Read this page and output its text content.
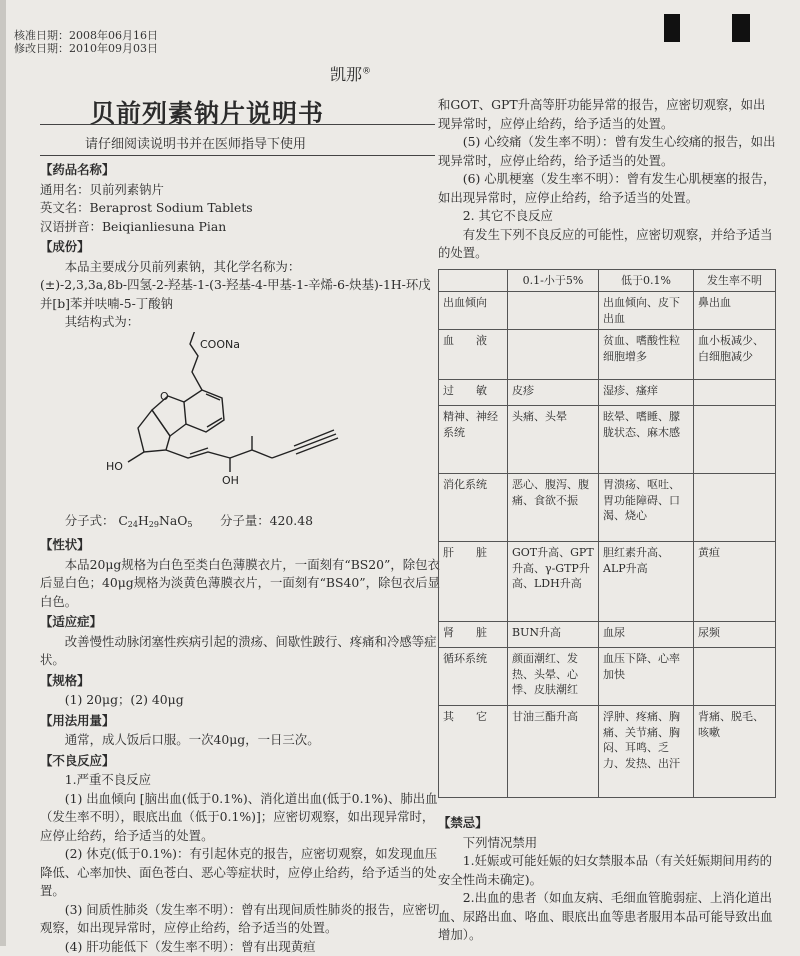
核准日期：2008年06月16日
修改日期：2010年09月03日
凯那®
贝前列素钠片说明书
请仔细阅读说明书并在医师指导下使用

【药品名称】

通用名：贝前列素钠片

英文名：Beraprost Sodium Tablets

汉语拼音：Beiqianliesuna Pian

【成份】

本品主要成分贝前列素钠，其化学名称为：

(±)-2,3,3a,8b-四氢-2-羟基-1-(3-羟基-4-甲基-1-辛烯-6-炔基)-1H-环戊并[b]苯并呋喃-5-丁酸钠

其结构式为：

COONa
O
HO
OH

分子式： $C_{24}H_{29}NaO_5$ 分子量：420.48

【性状】

本品20μg规格为白色至类白色薄膜衣片，一面刻有“BS20”，除包衣后显白色；40μg规格为淡黄色薄膜衣片，一面刻有“BS40”，除包衣后显白色。

【适应症】

改善慢性动脉闭塞性疾病引起的溃疡、间歇性跛行、疼痛和冷感等症状。

【规格】

(1) 20μg；(2) 40μg

【用法用量】

通常，成人饭后口服。一次40μg，一日三次。

【不良反应】

1.严重不良反应

(1) 出血倾向 [脑出血(低于0.1%)、消化道出血(低于0.1%)、肺出血（发生率不明），眼底出血（低于0.1%)]；应密切观察，如出现异常时，应停止给药，给予适当的处置。

(2) 休克(低于0.1%)：有引起休克的报告，应密切观察，如发现血压降低、心率加快、面色苍白、恶心等症状时，应停止给药，给予适当的处置。

(3) 间质性肺炎（发生率不明）：曾有出现间质性肺炎的报告，应密切观察，如出现异常时，应停止给药，给予适当的处置。

(4) 肝功能低下（发生率不明）：曾有出现黄疸

和GOT、GPT升高等肝功能异常的报告，应密切观察，如出现异常时，应停止给药，给予适当的处置。

(5) 心绞痛（发生率不明）：曾有发生心绞痛的报告，如出现异常时，应停止给药，给予适当的处置。

(6) 心肌梗塞（发生率不明）：曾有发生心肌梗塞的报告，如出现异常时，应停止给药，给予适当的处置。

2. 其它不良反应

有发生下列不良反应的可能性，应密切观察，并给予适当的处置。

	0.1-小于5%	低于0.1%	发生率不明
出血倾向		出血倾向、皮下出血	鼻出血
血　　液		贫血、嗜酸性粒细胞增多	血小板减少、白细胞减少
过　　敏	皮疹	湿疹、瘙痒	
精神、神经系统	头痛、头晕	眩晕、嗜睡、朦胧状态、麻木感	
消化系统	恶心、腹泻、腹痛、食欲不振	胃溃疡、呕吐、胃功能障碍、口渴、烧心	
肝　　脏	GOT升高、GPT升高、γ-GTP升高、LDH升高	胆红素升高、ALP升高	黄疸
肾　　脏	BUN升高	血尿	尿频
循环系统	颜面潮红、发热、头晕、心悸、皮肤潮红	血压下降、心率加快	
其　　它	甘油三酯升高	浮肿、疼痛、胸痛、关节痛、胸闷、耳鸣、乏力、发热、出汗	背痛、脱毛、咳嗽

【禁忌】

下列情况禁用

1.妊娠或可能妊娠的妇女禁服本品（有关妊娠期间用药的安全性尚未确定)。

2.出血的患者（如血友病、毛细血管脆弱症、上消化道出血、尿路出血、咯血、眼底出血等患者服用本品可能导致出血增加）。
